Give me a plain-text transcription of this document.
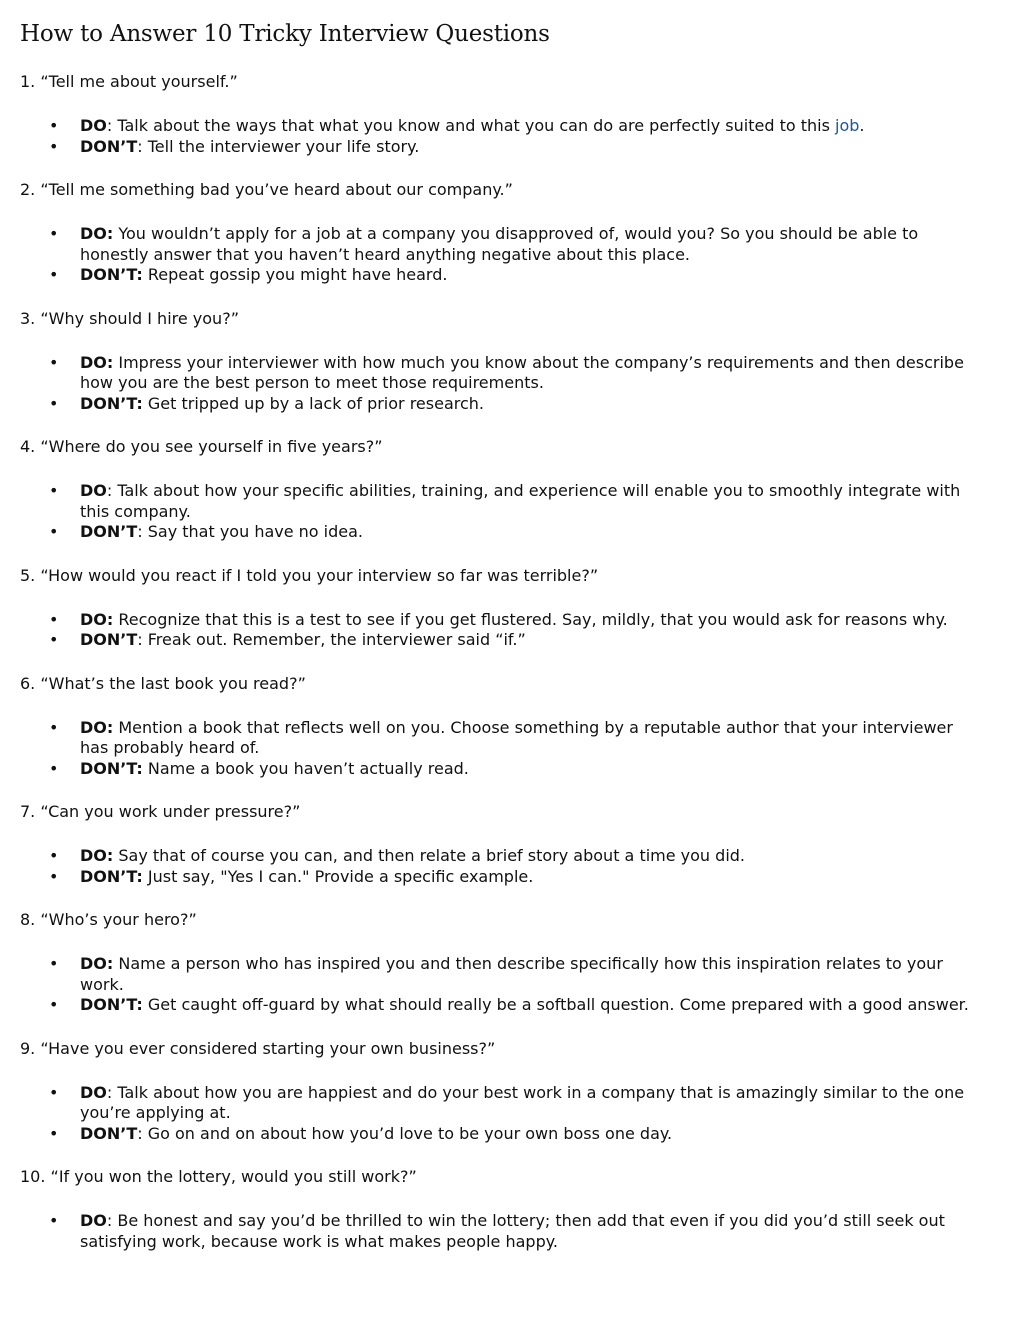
How to Answer 10 Tricky Interview Questions

1. “Tell me about yourself.”

• DO: Talk about the ways that what you know and what you can do are perfectly suited to this job.
• DON’T: Tell the interviewer your life story.

2. “Tell me something bad you’ve heard about our company.”

• DO: You wouldn’t apply for a job at a company you disapproved of, would you? So you should be able to honestly answer that you haven’t heard anything negative about this place.
• DON’T: Repeat gossip you might have heard.

3. “Why should I hire you?”

• DO: Impress your interviewer with how much you know about the company’s requirements and then describe how you are the best person to meet those requirements.
• DON’T: Get tripped up by a lack of prior research.

4. “Where do you see yourself in five years?”

• DO: Talk about how your specific abilities, training, and experience will enable you to smoothly integrate with this company.
• DON’T: Say that you have no idea.

5. “How would you react if I told you your interview so far was terrible?”

• DO: Recognize that this is a test to see if you get flustered. Say, mildly, that you would ask for reasons why.
• DON’T: Freak out. Remember, the interviewer said “if.”

6. “What’s the last book you read?”

• DO: Mention a book that reflects well on you. Choose something by a reputable author that your interviewer has probably heard of.
• DON’T: Name a book you haven’t actually read.

7. “Can you work under pressure?”

• DO: Say that of course you can, and then relate a brief story about a time you did.
• DON’T: Just say, "Yes I can." Provide a specific example.

8. “Who’s your hero?”

• DO: Name a person who has inspired you and then describe specifically how this inspiration relates to your work.
• DON’T: Get caught off-guard by what should really be a softball question. Come prepared with a good answer.

9. “Have you ever considered starting your own business?”

• DO: Talk about how you are happiest and do your best work in a company that is amazingly similar to the one you’re applying at.
• DON’T: Go on and on about how you’d love to be your own boss one day.

10. “If you won the lottery, would you still work?”

• DO: Be honest and say you’d be thrilled to win the lottery; then add that even if you did you’d still seek out satisfying work, because work is what makes people happy.
